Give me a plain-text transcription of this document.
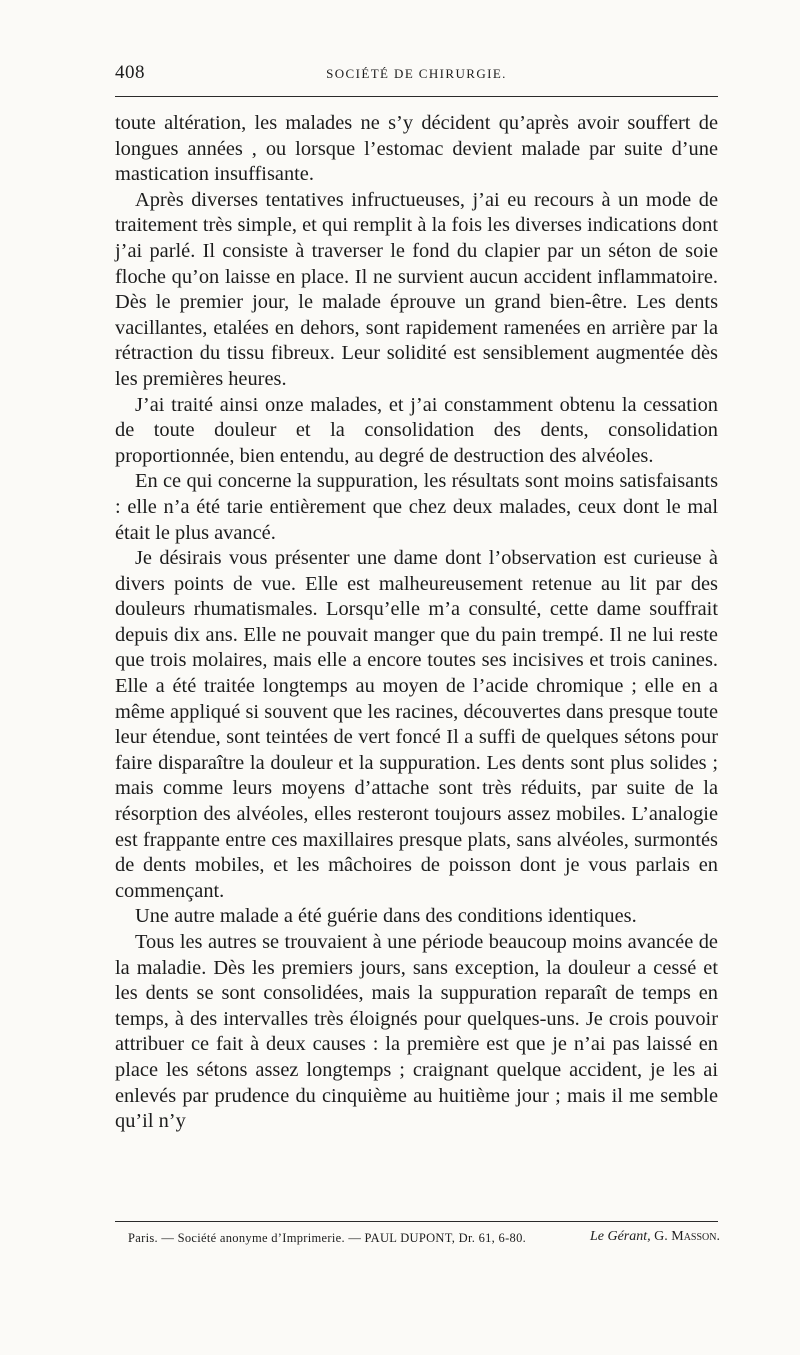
408	SOCIÉTÉ DE CHIRURGIE.

toute altération, les malades ne s’y décident qu’après avoir souffert de longues années , ou lorsque l’estomac devient malade par suite d’une mastication insuffisante.

Après diverses tentatives infructueuses, j’ai eu recours à un mode de traitement très simple, et qui remplit à la fois les diverses indications dont j’ai parlé. Il consiste à traverser le fond du clapier par un séton de soie floche qu’on laisse en place. Il ne survient aucun accident inflammatoire. Dès le premier jour, le malade éprouve un grand bien-être. Les dents vacillantes, etalées en dehors, sont rapidement ramenées en arrière par la rétraction du tissu fibreux. Leur solidité est sensiblement augmentée dès les premières heures.

J’ai traité ainsi onze malades, et j’ai constamment obtenu la cessation de toute douleur et la consolidation des dents, consolidation proportionnée, bien entendu, au degré de destruction des alvéoles.

En ce qui concerne la suppuration, les résultats sont moins satisfaisants : elle n’a été tarie entièrement que chez deux malades, ceux dont le mal était le plus avancé.

Je désirais vous présenter une dame dont l’observation est curieuse à divers points de vue. Elle est malheureusement retenue au lit par des douleurs rhumatismales. Lorsqu’elle m’a consulté, cette dame souffrait depuis dix ans. Elle ne pouvait manger que du pain trempé. Il ne lui reste que trois molaires, mais elle a encore toutes ses incisives et trois canines. Elle a été traitée longtemps au moyen de l’acide chromique ; elle en a même appliqué si souvent que les racines, découvertes dans presque toute leur étendue, sont teintées de vert foncé Il a suffi de quelques sétons pour faire disparaître la douleur et la suppuration. Les dents sont plus solides ; mais comme leurs moyens d’attache sont très réduits, par suite de la résorption des alvéoles, elles resteront toujours assez mobiles. L’analogie est frappante entre ces maxillaires presque plats, sans alvéoles, surmontés de dents mobiles, et les mâchoires de poisson dont je vous parlais en commençant.

Une autre malade a été guérie dans des conditions identiques.

Tous les autres se trouvaient à une période beaucoup moins avancée de la maladie. Dès les premiers jours, sans exception, la douleur a cessé et les dents se sont consolidées, mais la suppuration reparaît de temps en temps, à des intervalles très éloignés pour quelques-uns. Je crois pouvoir attribuer ce fait à deux causes : la première est que je n’ai pas laissé en place les sétons assez longtemps ; craignant quelque accident, je les ai enlevés par prudence du cinquième au huitième jour ; mais il me semble qu’il n’y

Paris. — Société anonyme d’Imprimerie. — PAUL DUPONT, Dr. 61, 6-80.	Le Gérant, G. Masson.
